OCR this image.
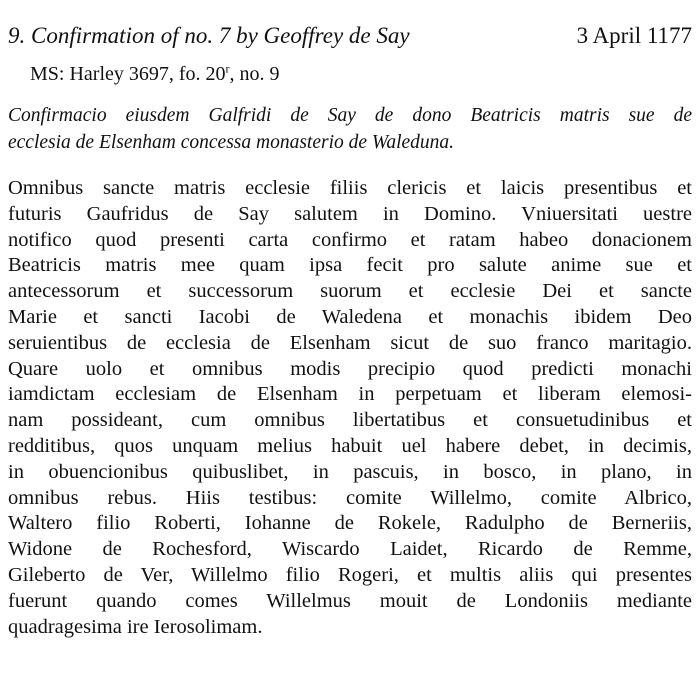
9. Confirmation of no. 7 by Geoffrey de Say	3 April 1177
MS: Harley 3697, fo. 20$^r$, no. 9
Confirmacio eiusdem Galfridi de Say de dono Beatricis matris sue de
ecclesia de Elsenham concessa monasterio de Waleduna.
Omnibus sancte matris ecclesie filiis clericis et laicis presentibus et
futuris Gaufridus de Say salutem in Domino. Vniuersitati uestre
notifico quod presenti carta confirmo et ratam habeo donacionem
Beatricis matris mee quam ipsa fecit pro salute anime sue et
antecessorum et successorum suorum et ecclesie Dei et sancte
Marie et sancti Iacobi de Waledena et monachis ibidem Deo
seruientibus de ecclesia de Elsenham sicut de suo franco maritagio.
Quare uolo et omnibus modis precipio quod predicti monachi
iamdictam ecclesiam de Elsenham in perpetuam et liberam elemosi-
nam possideant, cum omnibus libertatibus et consuetudinibus et
redditibus, quos unquam melius habuit uel habere debet, in decimis,
in obuencionibus quibuslibet, in pascuis, in bosco, in plano, in
omnibus rebus. Hiis testibus: comite Willelmo, comite Albrico,
Waltero filio Roberti, Iohanne de Rokele, Radulpho de Berneriis,
Widone de Rochesford, Wiscardo Laidet, Ricardo de Remme,
Gileberto de Ver, Willelmo filio Rogeri, et multis aliis qui presentes
fuerunt quando comes Willelmus mouit de Londoniis mediante
quadragesima ire Ierosolimam.
